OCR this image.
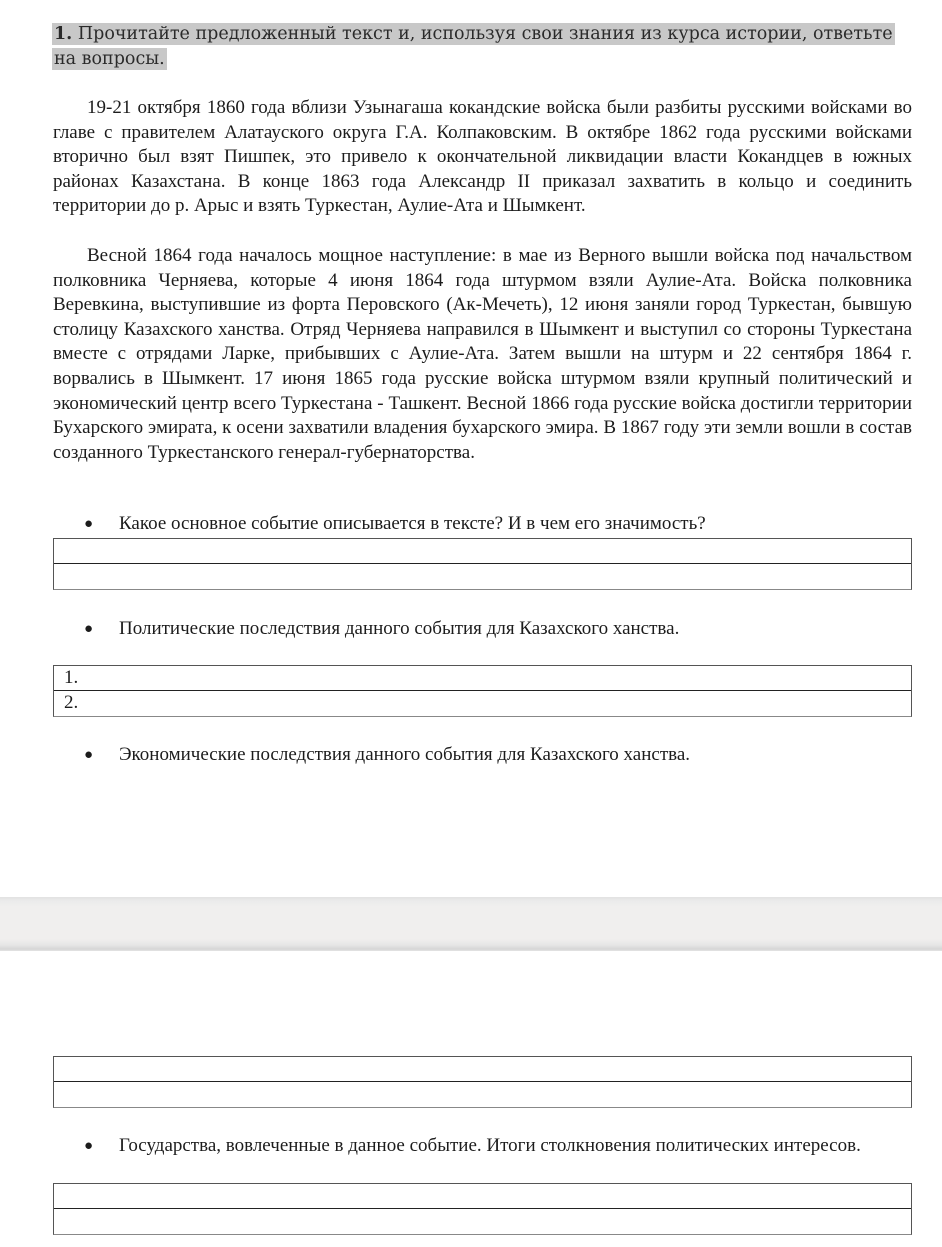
1. Прочитайте предложенный текст и, используя свои знания из курса истории, ответьте на вопросы.

19-21 октября 1860 года вблизи Узынагаша кокандские войска были разбиты русскими войсками во главе с правителем Алатауского округа Г.А. Колпаковским. В октябре 1862 года русскими войсками вторично был взят Пишпек, это привело к окончательной ликвидации власти Кокандцев в южных районах Казахстана. В конце 1863 года Александр II приказал захватить в кольцо и соединить территории до р. Арыс и взять Туркестан, Аулие-Ата и Шымкент.

Весной 1864 года началось мощное наступление: в мае из Верного вышли войска под начальством полковника Черняева, которые 4 июня 1864 года штурмом взяли Аулие-Ата. Войска полковника Веревкина, выступившие из форта Перовского (Ак-Мечеть), 12 июня заняли город Туркестан, бывшую столицу Казахского ханства. Отряд Черняева направился в Шымкент и выступил со стороны Туркестана вместе с отрядами Ларке, прибывших с Аулие-Ата. Затем вышли на штурм и 22 сентября 1864 г. ворвались в Шымкент. 17 июня 1865 года русские войска штурмом взяли крупный политический и экономический центр всего Туркестана - Ташкент. Весной 1866 года русские войска достигли территории Бухарского эмирата, к осени захватили владения бухарского эмира. В 1867 году эти земли вошли в состав созданного Туркестанского генерал-губернаторства.

●	Какое основное событие описывается в тексте? И в чем его значимость?
●	Политические последствия данного события для Казахского ханства.
1.
2.
●	Экономические последствия данного события для Казахского ханства.
●	Государства, вовлеченные в данное событие. Итоги столкновения политических интересов.
